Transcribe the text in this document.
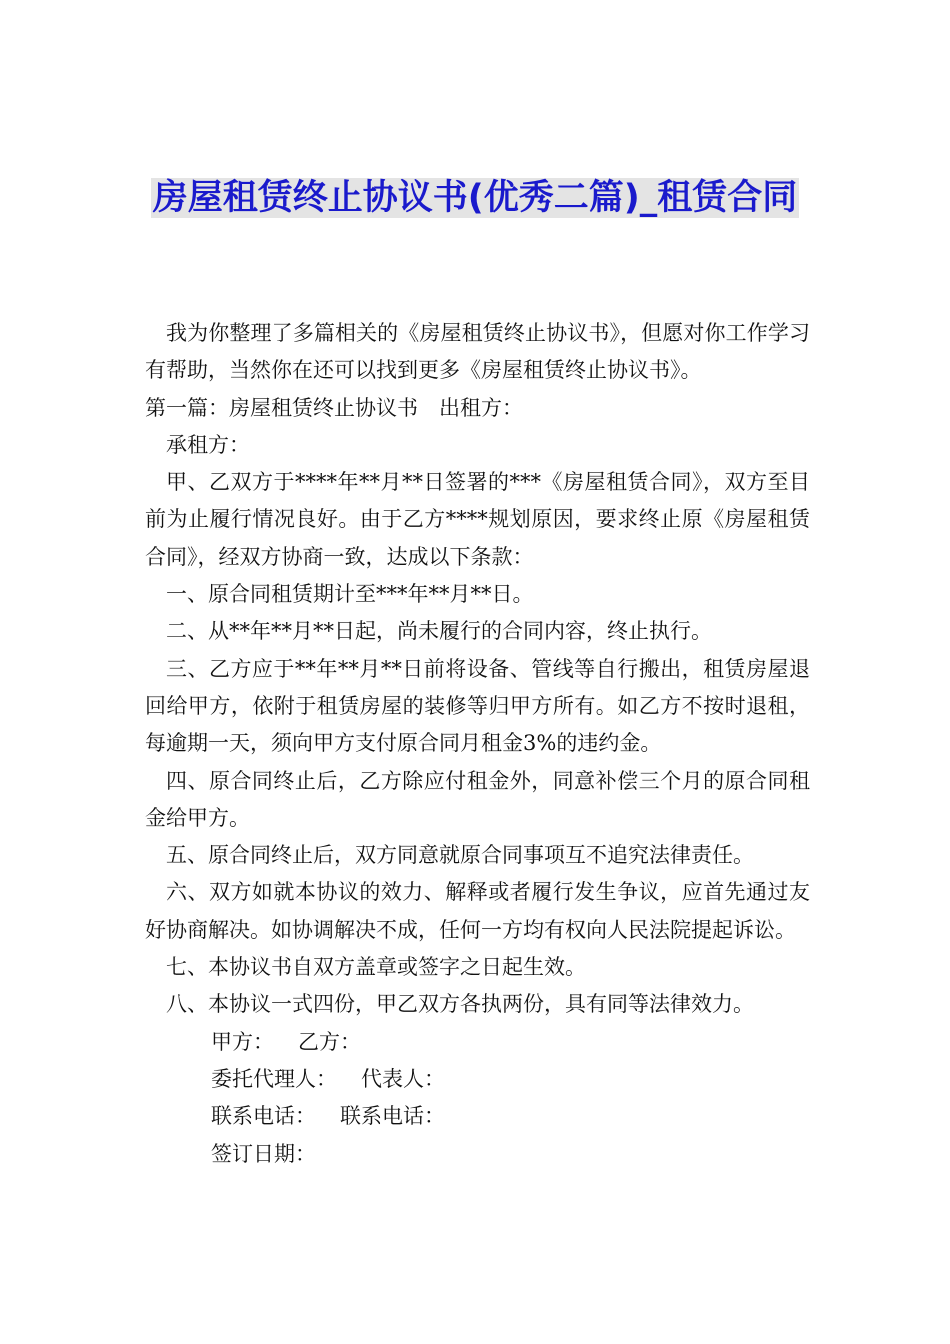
房屋租赁终止协议书(优秀二篇)_租赁合同

我为你整理了多篇相关的《房屋租赁终止协议书》，但愿对你工作学习有帮助，当然你在还可以找到更多《房屋租赁终止协议书》。

第一篇：房屋租赁终止协议书　出租方：

承租方：

甲、乙双方于****年**月**日签署的***《房屋租赁合同》，双方至目前为止履行情况良好。由于乙方****规划原因，要求终止原《房屋租赁合同》，经双方协商一致，达成以下条款：

一、原合同租赁期计至***年**月**日。

二、从**年**月**日起，尚未履行的合同内容，终止执行。

三、乙方应于**年**月**日前将设备、管线等自行搬出，租赁房屋退回给甲方，依附于租赁房屋的装修等归甲方所有。如乙方不按时退租，每逾期一天，须向甲方支付原合同月租金3%的违约金。

四、原合同终止后，乙方除应付租金外，同意补偿三个月的原合同租金给甲方。

五、原合同终止后，双方同意就原合同事项互不追究法律责任。

六、双方如就本协议的效力、解释或者履行发生争议，应首先通过友好协商解决。如协调解决不成，任何一方均有权向人民法院提起诉讼。

七、本协议书自双方盖章或签字之日起生效。

八、本协议一式四份，甲乙双方各执两份，具有同等法律效力。

甲方： 乙方：

委托代理人： 代表人：

联系电话： 联系电话：

签订日期：
